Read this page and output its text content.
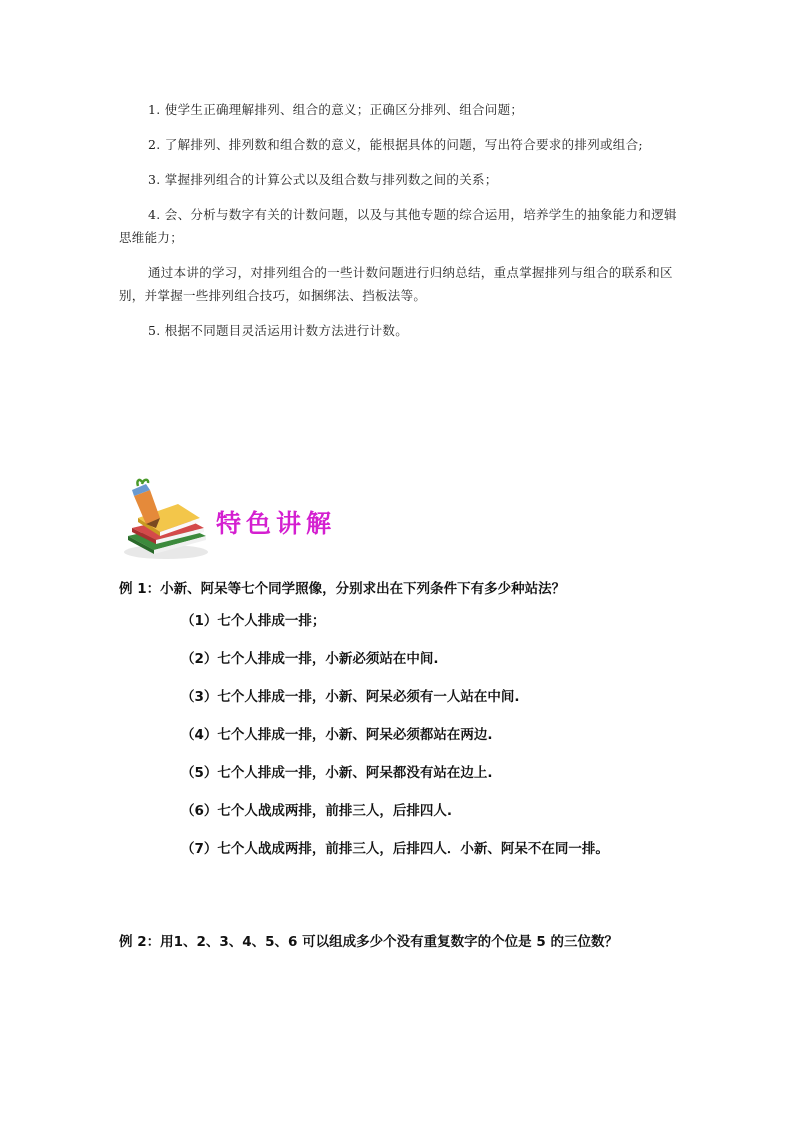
1. 使学生正确理解排列、组合的意义；正确区分排列、组合问题；

2. 了解排列、排列数和组合数的意义，能根据具体的问题，写出符合要求的排列或组合;

3. 掌握排列组合的计算公式以及组合数与排列数之间的关系；

4. 会、分析与数字有关的计数问题，以及与其他专题的综合运用，培养学生的抽象能力和逻辑思维能力；

通过本讲的学习，对排列组合的一些计数问题进行归纳总结，重点掌握排列与组合的联系和区别，并掌握一些排列组合技巧，如捆绑法、挡板法等。

5. 根据不同题目灵活运用计数方法进行计数。

特色讲解
例 1：小新、阿呆等七个同学照像，分别求出在下列条件下有多少种站法？
（1）七个人排成一排；
（2）七个人排成一排，小新必须站在中间.
（3）七个人排成一排，小新、阿呆必须有一人站在中间.
（4）七个人排成一排，小新、阿呆必须都站在两边.
（5）七个人排成一排，小新、阿呆都没有站在边上.
（6）七个人战成两排，前排三人，后排四人.
（7）七个人战成两排，前排三人，后排四人．小新、阿呆不在同一排。
例 2：用1、2、3、4、5、6 可以组成多少个没有重复数字的个位是 5 的三位数？
